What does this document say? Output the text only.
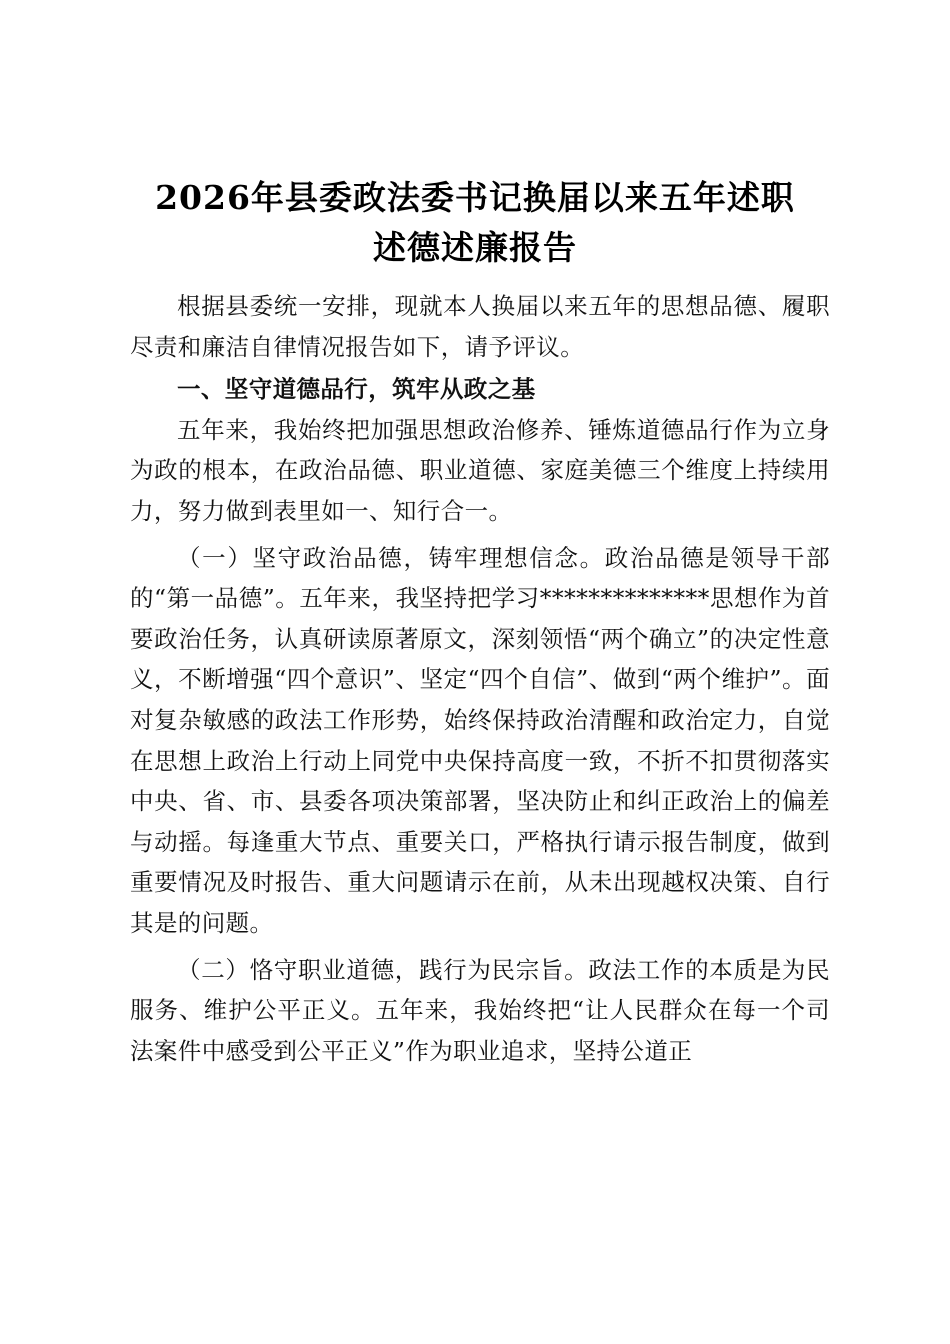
2026年县委政法委书记换届以来五年述职
述德述廉报告

根据县委统一安排，现就本人换届以来五年的思想品德、履职尽责和廉洁自律情况报告如下，请予评议。

一、坚守道德品行，筑牢从政之基

五年来，我始终把加强思想政治修养、锤炼道德品行作为立身为政的根本，在政治品德、职业道德、家庭美德三个维度上持续用力，努力做到表里如一、知行合一。

（一）坚守政治品德，铸牢理想信念。政治品德是领导干部的“第一品德”。五年来，我坚持把学习**************思想作为首要政治任务，认真研读原著原文，深刻领悟“两个确立”的决定性意义，不断增强“四个意识”、坚定“四个自信”、做到“两个维护”。面对复杂敏感的政法工作形势，始终保持政治清醒和政治定力，自觉在思想上政治上行动上同党中央保持高度一致，不折不扣贯彻落实中央、省、市、县委各项决策部署，坚决防止和纠正政治上的偏差与动摇。每逢重大节点、重要关口，严格执行请示报告制度，做到重要情况及时报告、重大问题请示在前，从未出现越权决策、自行其是的问题。

（二）恪守职业道德，践行为民宗旨。政法工作的本质是为民服务、维护公平正义。五年来，我始终把“让人民群众在每一个司法案件中感受到公平正义”作为职业追求，坚持公道正
